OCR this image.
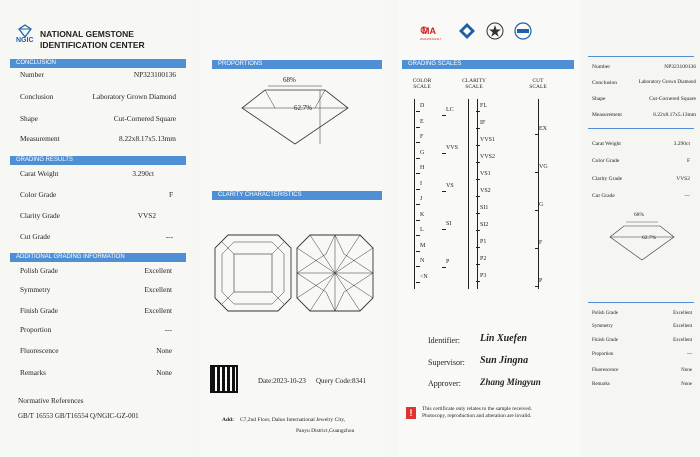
NGIC
NATIONAL GEMSTONE
IDENTIFICATION CENTER
CONCLUSION
Number	NP323100136
Conclusion	Laboratory Grown Diamond
Shape	Cut-Cornered Square
Measurement	8.22x8.17x5.13mm
GRADING RESULTS
Carat Weight	3.290ct
Color Grade	F
Clarity Grade	VVS2
Cut Grade	---
ADDITIONAL GRADING INFORMATION
Polish Grade	Excellent
Symmetry	Excellent
Finish Grade	Excellent
Proportion	---
Fluorescence	None
Remarks	None
Normative References
GB/T 16553 GB/T16554 Q/NGIC-GZ-001
PROPORTIONS
68%
62.7%
CLARITY CHARACTERISTICS
Date:2023-10-23 Query Code:8341
Add: C7,2nd Floor, Daluo International Jewelry City,
Panyu District,Guangzhou
MA
2021191131417
GRADING SCALES
COLOR SCALE
CLARITY SCALE
CUT SCALE
D
E
F
G
H
I
J
K
L
M
N
<N
LC
VVS
VS
SI
P
FL
IF
VVS1
VVS2
VS1
VS2
SI1
SI2
P1
P2
P3
EX
VG
G
F
P
Identifier: Lin Xuefen
Supervisor: Sun Jingna
Approver: Zhang Mingyun
!	This certificate only relates to the sample received. Photocopy, reproduction and alteration are invalid.
Number	NP323100136
Conclusion	Laboratory Grown Diamond
Shape	Cut-Cornered Square
Measurement	8.22x8.17x5.13mm
Carat Weight	3.290ct
Color Grade	F
Clarity Grade	VVS2
Cut Grade	---
68%
62.7%
Polish Grade	Excellent
Symmetry	Excellent
Finish Grade	Excellent
Proportion	---
Fluorescence	None
Remarks	None
